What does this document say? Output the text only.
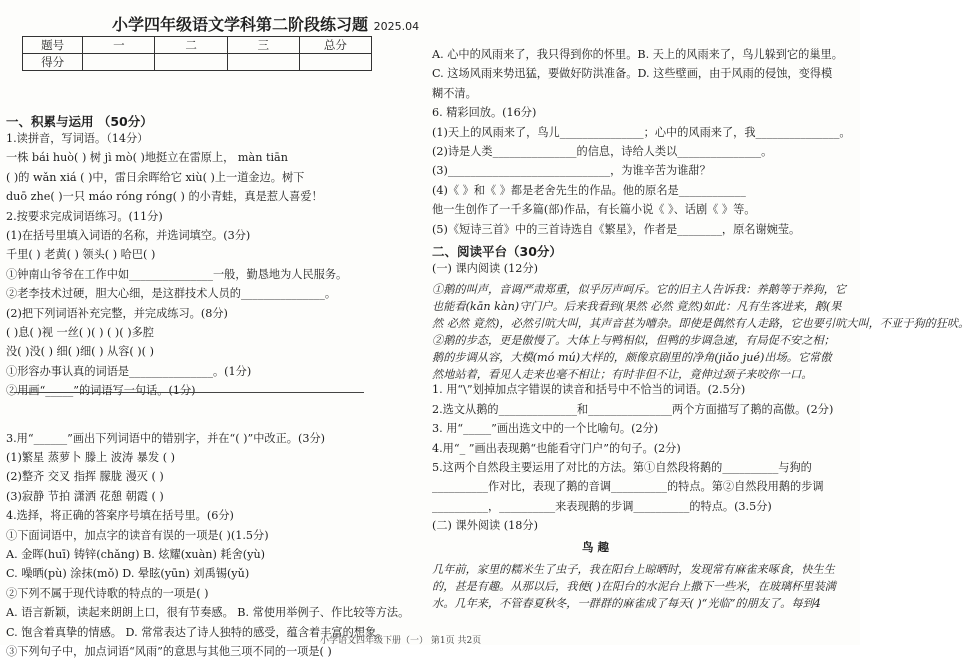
小学四年级语文学科第二阶段练习题 2025.04
题号	一	二	三	总分
得分				
一、积累与运用 （50分）
1.读拼音，写词语。（14分）
一株 bái huò( ) 树 jì mò( )地挺立在雷原上， màn tiān
( )的 wǎn xiá ( )中，雷日余晖给它 xiù( )上一道金边。树下
duō zhe( )一只 máo róng róng( ) 的小青蛙，真是惹人喜爱！
2.按要求完成词语练习。(11分)
(1)在括号里填入词语的名称，并选词填空。(3分)
千里( ) 老黄( ) 领头( ) 哈巴( )
①钟南山爷爷在工作中如_______________一般，勤恳地为人民服务。
②老李技术过硬，胆大心细，是这群技术人员的_______________。
(2)把下列词语补充完整，并完成练习。(8分)
( )息( )视 一丝( )( ) ( )( )多腔
没( )没( ) 细( )细( ) 从容( )( )
①形容办事认真的词语是_______________。(1分)
②用画“_____”的词语写一句话。(1分)
3.用“______”画出下列词语中的错别字，并在“( )”中改正。(3分)
(1)繁星 蒸萝卜 滕上 波涛 暴发 ( )
(2)整齐 交叉 指挥 朦胧 漫灭 ( )
(3)寂静 节拍 潇洒 花憩 朝霞 ( )
4.选择，将正确的答案序号填在括号里。(6分)
①下面词语中，加点字的读音有误的一项是( )(1.5分)
A. 金晖(huī) 铸锌(chǎng) B. 炫耀(xuàn) 耗舍(yù)
C. 噪晒(pù) 涂抹(mǒ) D. 晕眩(yūn) 刘禹锡(yǔ)
②下列不属于现代诗歌的特点的一项是( )
A. 语言新颖，读起来朗朗上口，很有节奏感。 B. 常使用举例子、作比较等方法。
C. 饱含着真挚的情感。 D. 常常表达了诗人独特的感受，蕴含着丰富的想象。
③下列句子中，加点词语“风雨”的意思与其他三项不同的一项是( )
A. 心中的风雨来了，我只得到你的怀里。B. 天上的风雨来了，鸟儿躲到它的巢里。
C. 这场风雨来势迅猛，要做好防洪准备。D. 这些壁画，由于风雨的侵蚀，变得模
糊不清。
6. 精彩回放。(16分)
(1)天上的风雨来了，鸟儿_______________；心中的风雨来了，我_______________。
(2)诗是人类_______________的信息，诗给人类以_______________。
(3)_____________________________，为谁辛苦为谁甜？
(4)《 》和《 》都是老舍先生的作品。他的原名是____________
他一生创作了一千多篇(部)作品，有长篇小说《 》、话剧《 》等。
(5)《短诗三首》中的三首诗选自《繁星》，作者是________，原名谢婉莹。
二、阅读平台（30分）
(一) 课内阅读 (12分)
①鹅的叫声，音调严肃郑重，似乎厉声呵斥。它的旧主人告诉我：养鹅等于养狗，它
也能看(kān kàn)守门户。后来我看到(果然 必然 竟然)如此：凡有生客进来，鹅(果
然 必然 竟然)，必然引吭大叫，其声音甚为嘈杂。即使是偶然有人走路，它也要引吭大叫，不亚于狗的狂吠。
②鹅的步态，更是傲慢了。大体上与鸭相似，但鸭的步调急速，有局促不安之相；
鹅的步调从容，大模(mó mú)大样的，颇像京剧里的净角(jiǎo jué)出场。它常傲
然地站着，看见人走来也毫不相让；有时非但不让，竟伸过颈子来咬你一口。
1. 用“\”划掉加点字错误的读音和括号中不恰当的词语。(2.5分)
2.选文从鹅的______________和_______________两个方面描写了鹅的高傲。(2分)
3. 用“_____”画出选文中的一个比喻句。(2分)
4.用“_ ”画出表现鹅“也能看守门户”的句子。(2分)
5.这两个自然段主要运用了对比的方法。第①自然段将鹅的__________与狗的
__________作对比，表现了鹅的音调__________的特点。第②自然段用鹅的步调
__________，__________来表现鹅的步调__________的特点。(3.5分)
(二) 课外阅读 (18分)
鸟 趣
几年前，家里的糯米生了虫子，我在阳台上晾晒时，发现常有麻雀来啄食，快生生
的，甚是有趣。从那以后，我便( )在阳台的水泥台上撒下一些米，在玻璃杯里装满
水。几年来，不管春夏秋冬，一群群的麻雀成了每天( )“光临”的朋友了。每到4
小学语文四年级下册（一） 第1页 共2页
